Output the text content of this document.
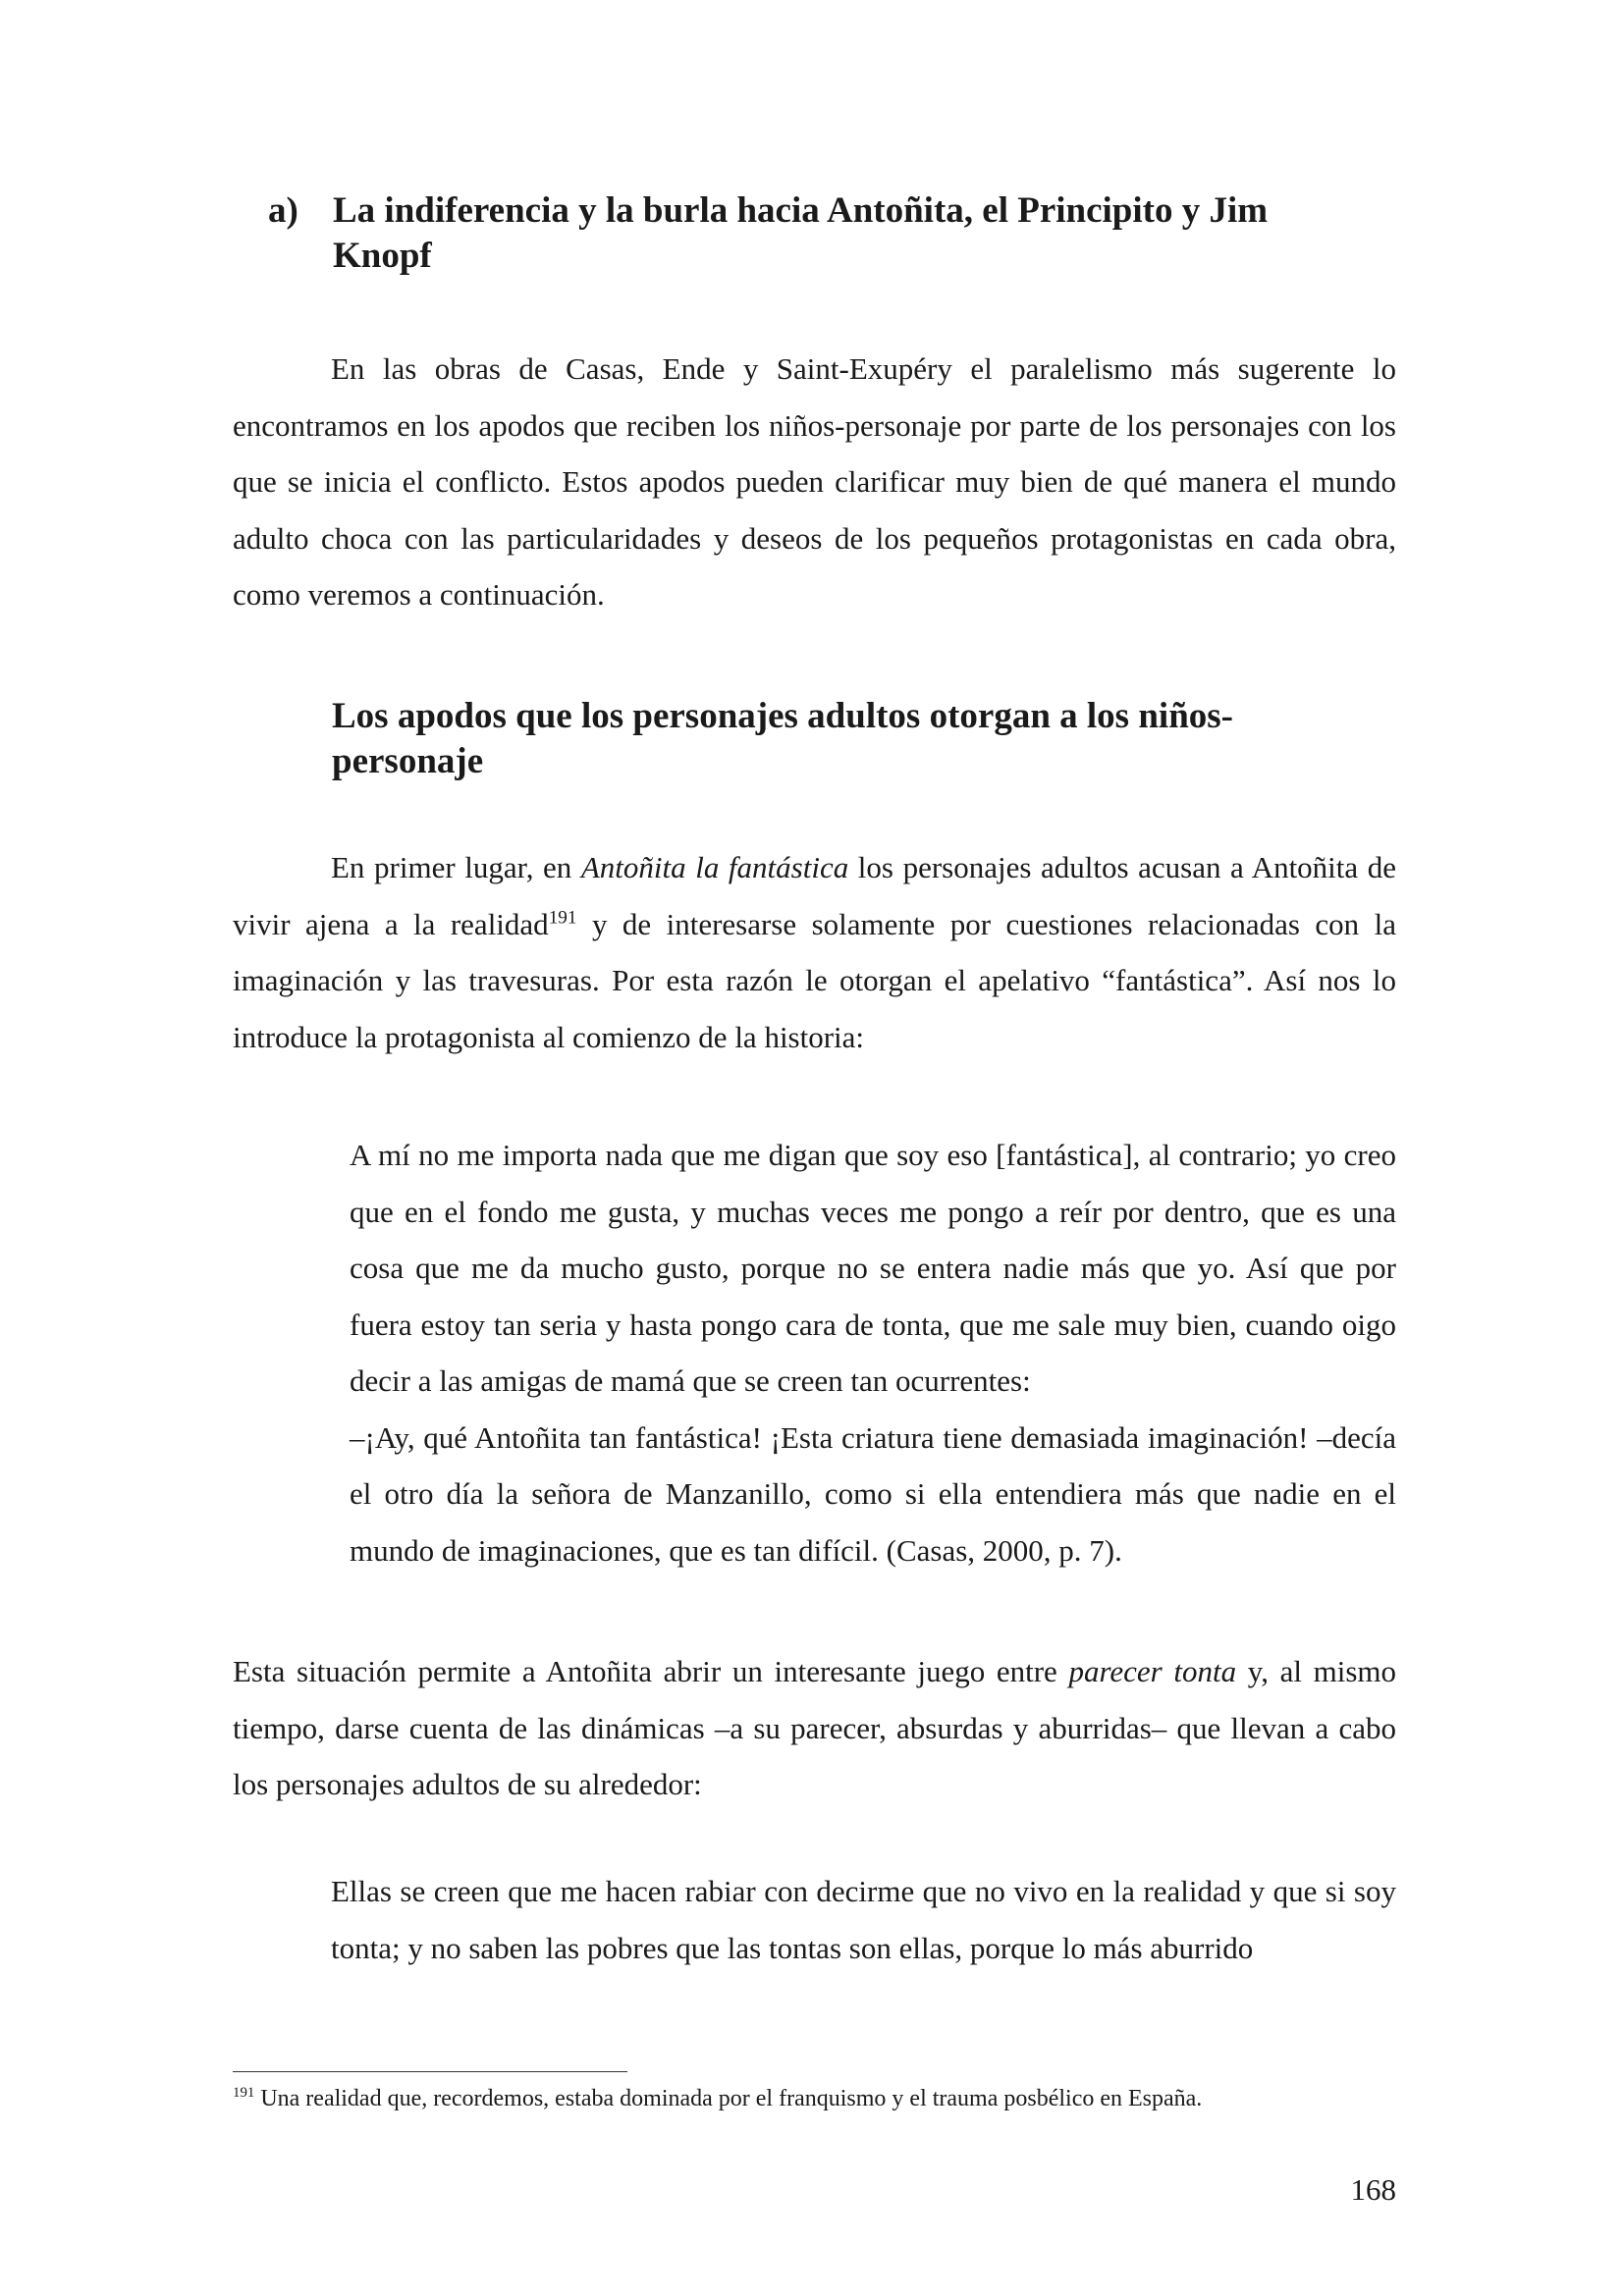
a) La indiferencia y la burla hacia Antoñita, el Principito y Jim Knopf

En las obras de Casas, Ende y Saint-Exupéry el paralelismo más sugerente lo encontramos en los apodos que reciben los niños-personaje por parte de los personajes con los que se inicia el conflicto. Estos apodos pueden clarificar muy bien de qué manera el mundo adulto choca con las particularidades y deseos de los pequeños protagonistas en cada obra, como veremos a continuación.

Los apodos que los personajes adultos otorgan a los niños-personaje

En primer lugar, en Antoñita la fantástica los personajes adultos acusan a Antoñita de vivir ajena a la realidad$^{191}$ y de interesarse solamente por cuestiones relacionadas con la imaginación y las travesuras. Por esta razón le otorgan el apelativo “fantástica”. Así nos lo introduce la protagonista al comienzo de la historia:

A mí no me importa nada que me digan que soy eso [fantástica], al contrario; yo creo que en el fondo me gusta, y muchas veces me pongo a reír por dentro, que es una cosa que me da mucho gusto, porque no se entera nadie más que yo. Así que por fuera estoy tan seria y hasta pongo cara de tonta, que me sale muy bien, cuando oigo decir a las amigas de mamá que se creen tan ocurrentes:

–¡Ay, qué Antoñita tan fantástica! ¡Esta criatura tiene demasiada imaginación! –decía el otro día la señora de Manzanillo, como si ella entendiera más que nadie en el mundo de imaginaciones, que es tan difícil. (Casas, 2000, p. 7).

Esta situación permite a Antoñita abrir un interesante juego entre parecer tonta y, al mismo tiempo, darse cuenta de las dinámicas –a su parecer, absurdas y aburridas– que llevan a cabo los personajes adultos de su alrededor:

Ellas se creen que me hacen rabiar con decirme que no vivo en la realidad y que si soy tonta; y no saben las pobres que las tontas son ellas, porque lo más aburrido

$^{191}$ Una realidad que, recordemos, estaba dominada por el franquismo y el trauma posbélico en España.
168
